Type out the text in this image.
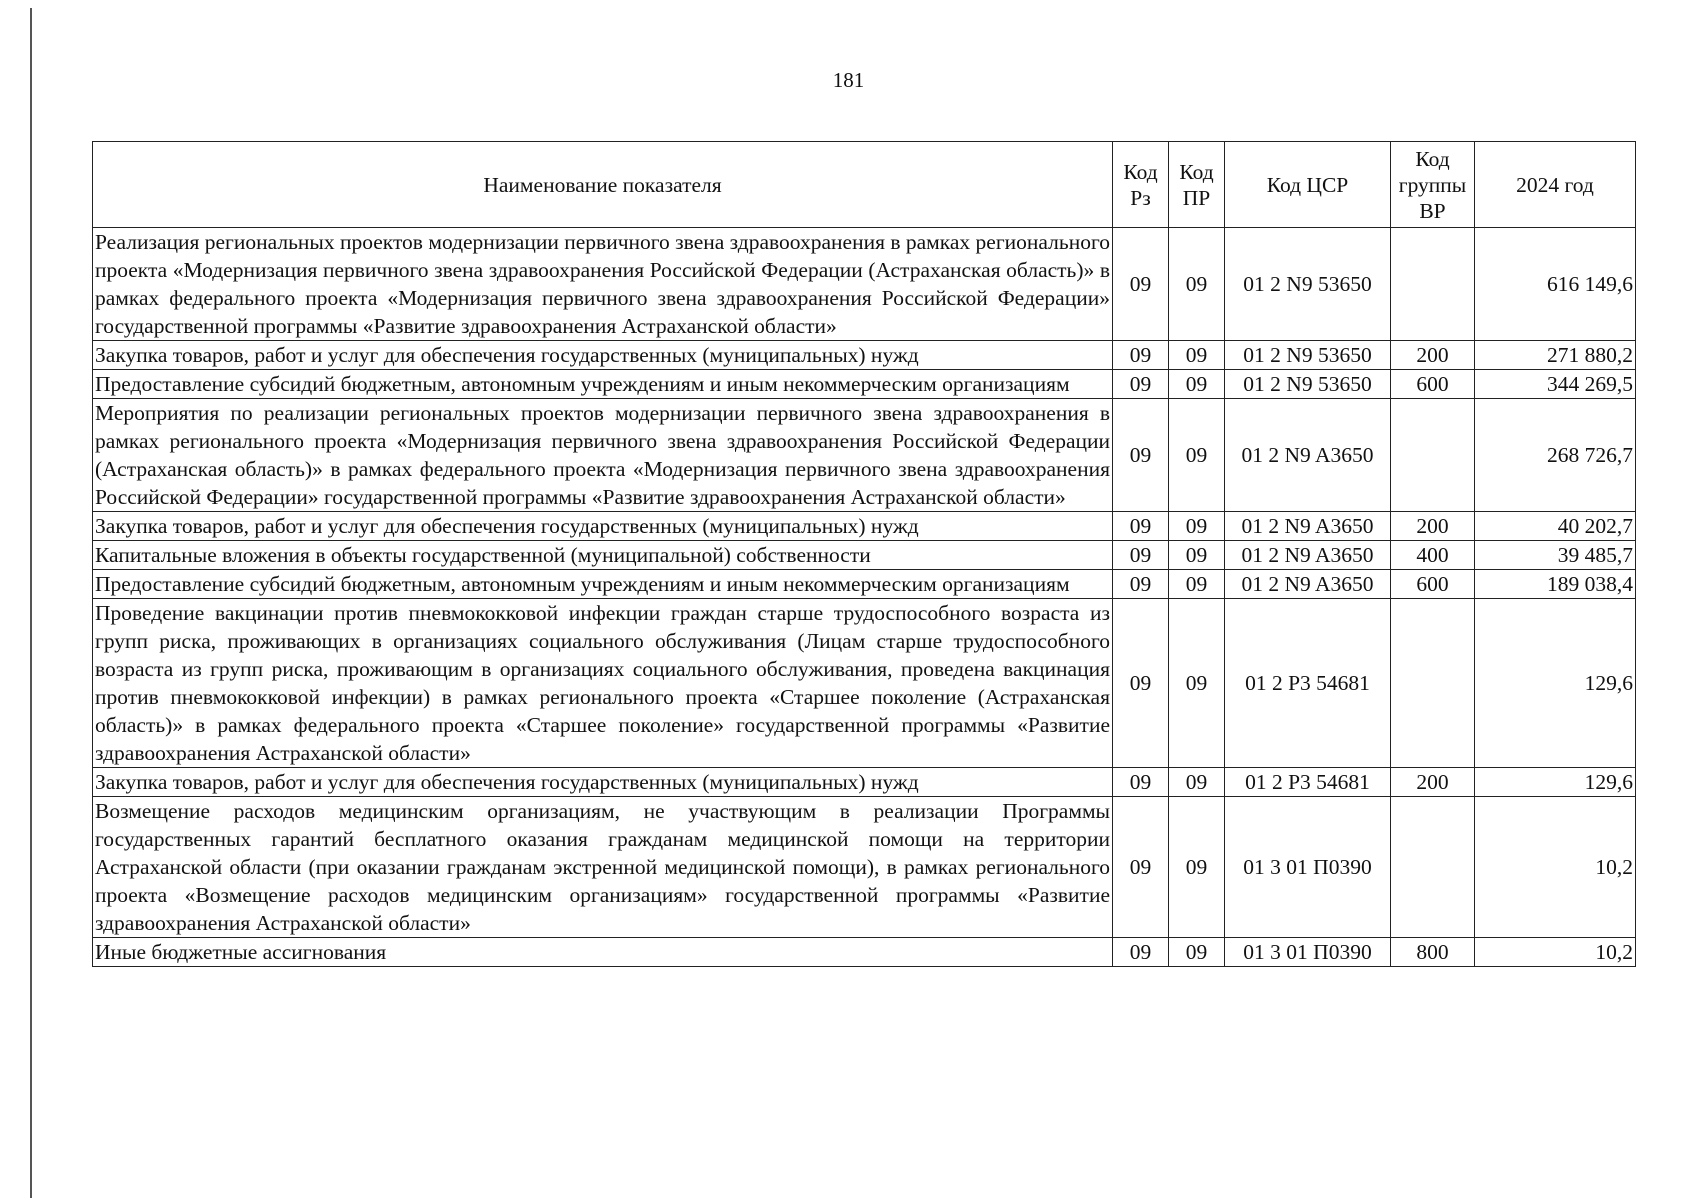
181
Наименование показателя	Код Рз	Код ПР	Код ЦСР	Код группы ВР	2024 год
Реализация региональных проектов модернизации первичного звена здравоохранения в рамках регионального проекта «Модернизация первичного звена здравоохранения Российской Федерации (Астраханская область)» в рамках федерального проекта «Модернизация первичного звена здравоохранения Российской Федерации» государственной программы «Развитие здравоохранения Астраханской области»	09	09	01 2 N9 53650		616 149,6
Закупка товаров, работ и услуг для обеспечения государственных (муниципальных) нужд	09	09	01 2 N9 53650	200	271 880,2
Предоставление субсидий бюджетным, автономным учреждениям и иным некоммерческим организациям	09	09	01 2 N9 53650	600	344 269,5
Мероприятия по реализации региональных проектов модернизации первичного звена здравоохранения в рамках регионального проекта «Модернизация первичного звена здравоохранения Российской Федерации (Астраханская область)» в рамках федерального проекта «Модернизация первичного звена здравоохранения Российской Федерации» государственной программы «Развитие здравоохранения Астраханской области»	09	09	01 2 N9 A3650		268 726,7
Закупка товаров, работ и услуг для обеспечения государственных (муниципальных) нужд	09	09	01 2 N9 A3650	200	40 202,7
Капитальные вложения в объекты государственной (муниципальной) собственности	09	09	01 2 N9 A3650	400	39 485,7
Предоставление субсидий бюджетным, автономным учреждениям и иным некоммерческим организациям	09	09	01 2 N9 A3650	600	189 038,4
Проведение вакцинации против пневмококковой инфекции граждан старше трудоспособного возраста из групп риска, проживающих в организациях социального обслуживания (Лицам старше трудоспособного возраста из групп риска, проживающим в организациях социального обслуживания, проведена вакцинация против пневмококковой инфекции) в рамках регионального проекта «Старшее поколение (Астраханская область)» в рамках федерального проекта «Старшее поколение» государственной программы «Развитие здравоохранения Астраханской области»	09	09	01 2 P3 54681		129,6
Закупка товаров, работ и услуг для обеспечения государственных (муниципальных) нужд	09	09	01 2 P3 54681	200	129,6
Возмещение расходов медицинским организациям, не участвующим в реализации Программы государственных гарантий бесплатного оказания гражданам медицинской помощи на территории Астраханской области (при оказании гражданам экстренной медицинской помощи), в рамках регионального проекта «Возмещение расходов медицинским организациям» государственной программы «Развитие здравоохранения Астраханской области»	09	09	01 3 01 П0390		10,2
Иные бюджетные ассигнования	09	09	01 3 01 П0390	800	10,2
